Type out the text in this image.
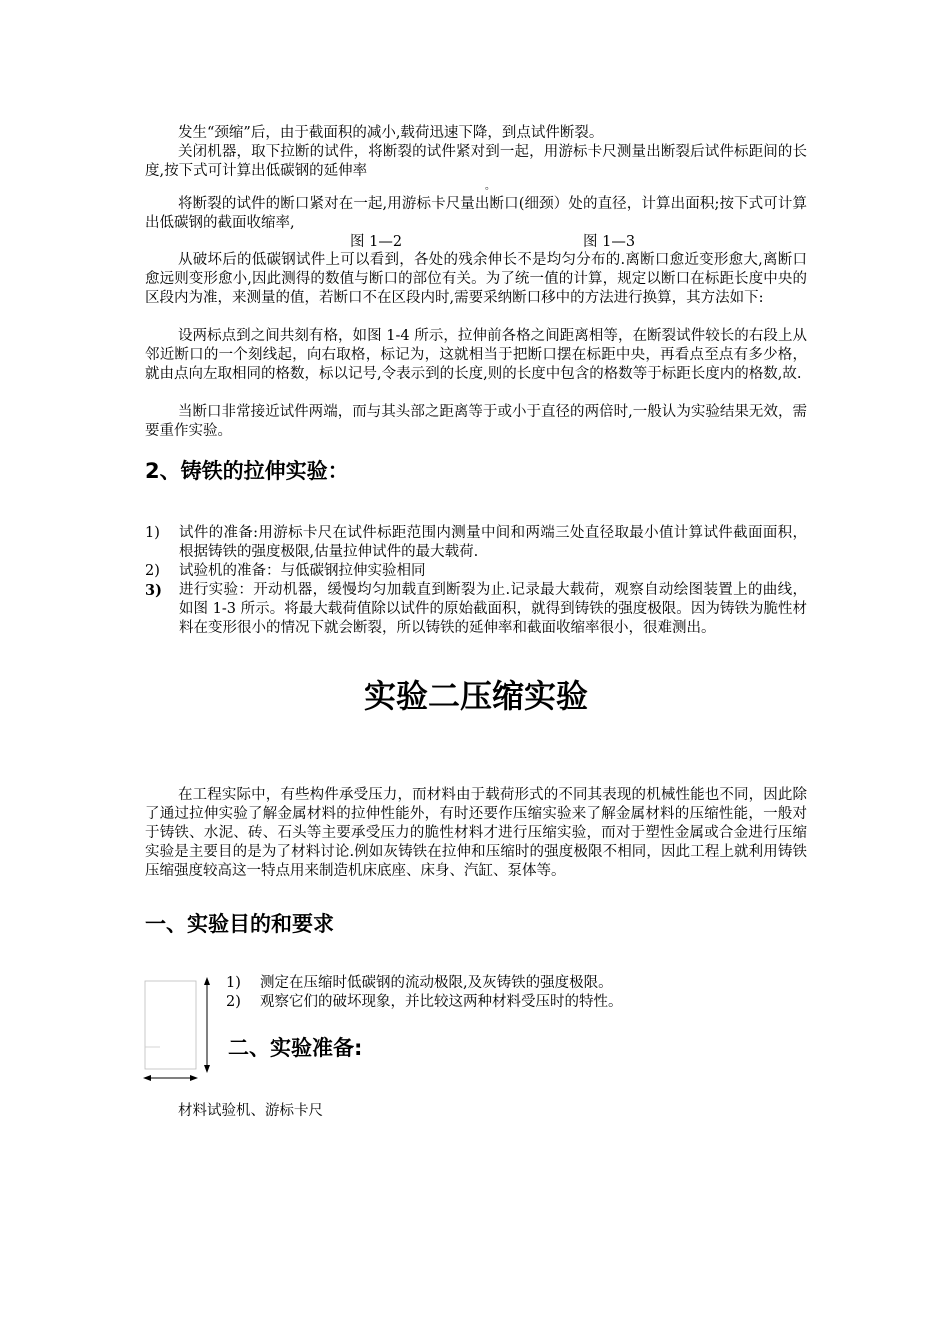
发生“颈缩”后，由于截面积的减小,载荷迅速下降，到点试件断裂。
关闭机器，取下拉断的试件，将断裂的试件紧对到一起，用游标卡尺测量出断裂后试件标距间的长度,按下式可计算出低碳钢的延伸率
。
将断裂的试件的断口紧对在一起,用游标卡尺量出断口(细颈）处的直径，计算出面积;按下式可计算出低碳钢的截面收缩率,
图 1—2	图 1—3
从破坏后的低碳钢试件上可以看到，各处的残余伸长不是均匀分布的.离断口愈近变形愈大,离断口愈远则变形愈小,因此测得的数值与断口的部位有关。为了统一值的计算，规定以断口在标距长度中央的区段内为准，来测量的值，若断口不在区段内时,需要采纳断口移中的方法进行换算，其方法如下:
设两标点到之间共刻有格，如图 1-4 所示，拉伸前各格之间距离相等，在断裂试件较长的右段上从邻近断口的一个刻线起，向右取格，标记为，这就相当于把断口摆在标距中央，再看点至点有多少格，就由点向左取相同的格数，标以记号,令表示到的长度,则的长度中包含的格数等于标距长度内的格数,故.
当断口非常接近试件两端，而与其头部之距离等于或小于直径的两倍时,一般认为实验结果无效，需要重作实验。
2、铸铁的拉伸实验：
1)	试件的准备:用游标卡尺在试件标距范围内测量中间和两端三处直径取最小值计算试件截面面积，根据铸铁的强度极限,估量拉伸试件的最大载荷.
2)	试验机的准备：与低碳钢拉伸实验相同
3)	进行实验：开动机器，缓慢均匀加载直到断裂为止.记录最大载荷，观察自动绘图装置上的曲线，如图 1-3 所示。将最大载荷值除以试件的原始截面积，就得到铸铁的强度极限。因为铸铁为脆性材料在变形很小的情况下就会断裂，所以铸铁的延伸率和截面收缩率很小，很难测出。
实验二压缩实验
在工程实际中，有些构件承受压力，而材料由于载荷形式的不同其表现的机械性能也不同，因此除了通过拉伸实验了解金属材料的拉伸性能外，有时还要作压缩实验来了解金属材料的压缩性能，一般对于铸铁、水泥、砖、石头等主要承受压力的脆性材料才进行压缩实验，而对于塑性金属或合金进行压缩实验是主要目的是为了材料讨论.例如灰铸铁在拉伸和压缩时的强度极限不相同，因此工程上就利用铸铁压缩强度较高这一特点用来制造机床底座、床身、汽缸、泵体等。
一、实验目的和要求
1)	测定在压缩时低碳钢的流动极限,及灰铸铁的强度极限。
2)	观察它们的破坏现象，并比较这两种材料受压时的特性。
二、实验准备:
材料试验机、游标卡尺
